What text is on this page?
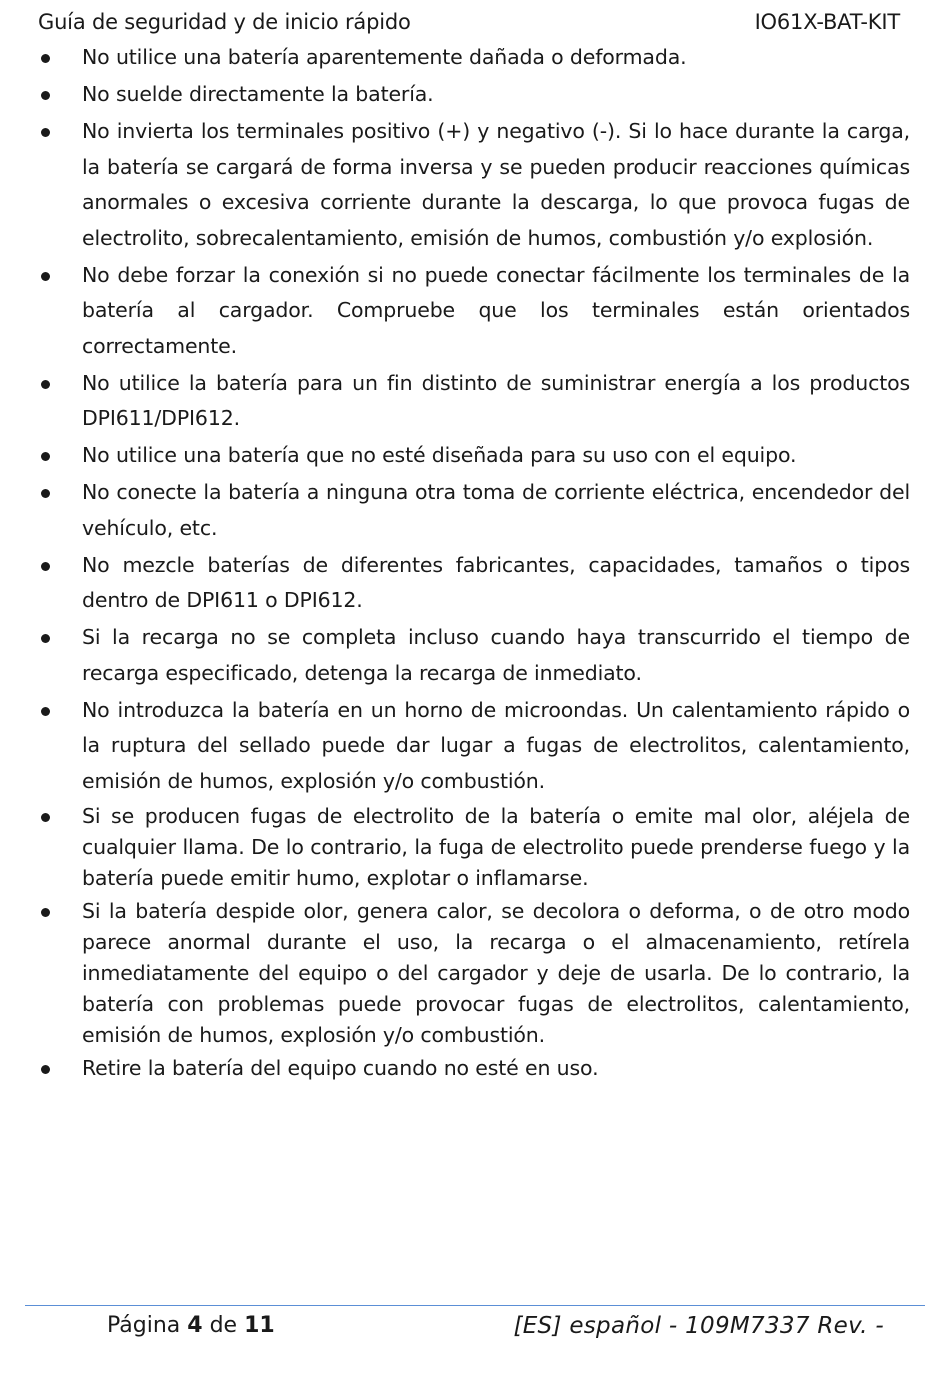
Guía de seguridad y de inicio rápido	IO61X-BAT-KIT
No utilice una batería aparentemente dañada o deformada.
No suelde directamente la batería.
No invierta los terminales positivo (+) y negativo (-). Si lo hace durante la carga, la batería se cargará de forma inversa y se pueden producir reacciones químicas anormales o excesiva corriente durante la descarga, lo que provoca fugas de electrolito, sobrecalentamiento, emisión de humos, combustión y/o explosión.
No debe forzar la conexión si no puede conectar fácilmente los terminales de la batería al cargador. Compruebe que los terminales están orientados correctamente.
No utilice la batería para un fin distinto de suministrar energía a los productos DPI611/DPI612.
No utilice una batería que no esté diseñada para su uso con el equipo.
No conecte la batería a ninguna otra toma de corriente eléctrica, encendedor del vehículo, etc.
No mezcle baterías de diferentes fabricantes, capacidades, tamaños o tipos dentro de DPI611 o DPI612.
Si la recarga no se completa incluso cuando haya transcurrido el tiempo de recarga especificado, detenga la recarga de inmediato.
No introduzca la batería en un horno de microondas. Un calentamiento rápido o la ruptura del sellado puede dar lugar a fugas de electrolitos, calentamiento, emisión de humos, explosión y/o combustión.
Si se producen fugas de electrolito de la batería o emite mal olor, aléjela de cualquier llama. De lo contrario, la fuga de electrolito puede prenderse fuego y la batería puede emitir humo, explotar o inflamarse.
Si la batería despide olor, genera calor, se decolora o deforma, o de otro modo parece anormal durante el uso, la recarga o el almacenamiento, retírela inmediatamente del equipo o del cargador y deje de usarla. De lo contrario, la batería con problemas puede provocar fugas de electrolitos, calentamiento, emisión de humos, explosión y/o combustión.
Retire la batería del equipo cuando no esté en uso.
Página 4 de 11	[ES] español - 109M7337 Rev. -
